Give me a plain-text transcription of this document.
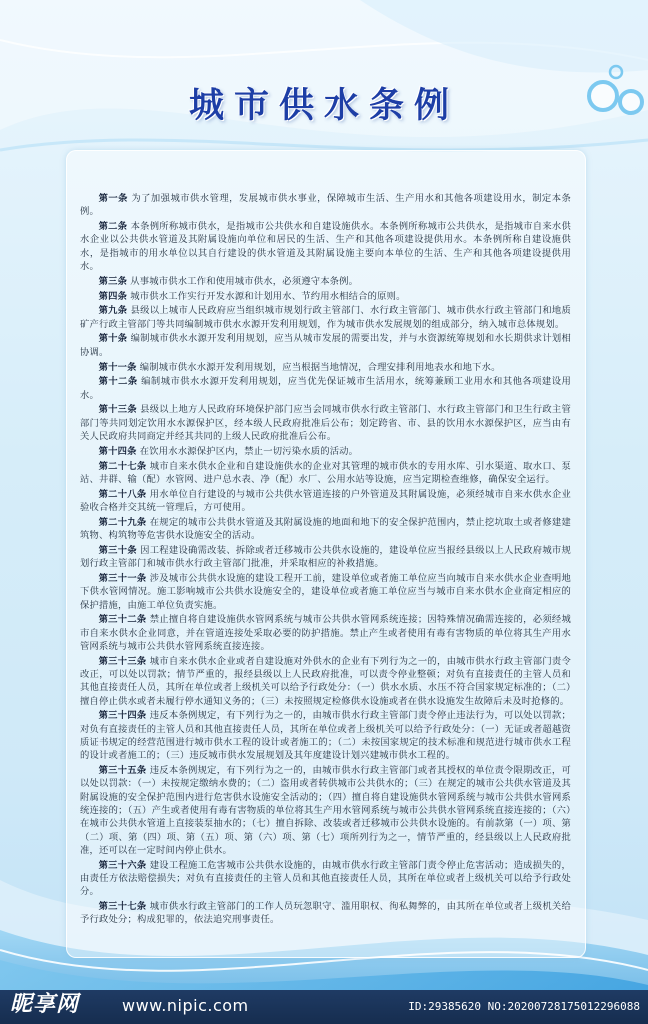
城市供水条例

第一条 为了加强城市供水管理，发展城市供水事业，保障城市生活、生产用水和其他各项建设用水，制定本条例。

第二条 本条例所称城市供水，是指城市公共供水和自建设施供水。本条例所称城市公共供水，是指城市自来水供水企业以公共供水管道及其附属设施向单位和居民的生活、生产和其他各项建设提供用水。本条例所称自建设施供水，是指城市的用水单位以其自行建设的供水管道及其附属设施主要向本单位的生活、生产和其他各项建设提供用水。

第三条 从事城市供水工作和使用城市供水，必须遵守本条例。

第四条 城市供水工作实行开发水源和计划用水、节约用水相结合的原则。

第九条 县级以上城市人民政府应当组织城市规划行政主管部门、水行政主管部门、城市供水行政主管部门和地质矿产行政主管部门等共同编制城市供水水源开发利用规划，作为城市供水发展规划的组成部分，纳入城市总体规划。

第十条 编制城市供水水源开发利用规划，应当从城市发展的需要出发，并与水资源统筹规划和水长期供求计划相协调。

第十一条 编制城市供水水源开发利用规划，应当根据当地情况，合理安排利用地表水和地下水。

第十二条 编制城市供水水源开发利用规划，应当优先保证城市生活用水，统筹兼顾工业用水和其他各项建设用水。

第十三条 县级以上地方人民政府环境保护部门应当会同城市供水行政主管部门、水行政主管部门和卫生行政主管部门等共同划定饮用水水源保护区，经本级人民政府批准后公布；划定跨省、市、县的饮用水水源保护区，应当由有关人民政府共同商定并经其共同的上级人民政府批准后公布。

第十四条 在饮用水水源保护区内，禁止一切污染水质的活动。

第二十七条 城市自来水供水企业和自建设施供水的企业对其管理的城市供水的专用水库、引水渠道、取水口、泵站、井群、输（配）水管网、进户总水表、净（配）水厂、公用水站等设施，应当定期检查维修，确保安全运行。

第二十八条 用水单位自行建设的与城市公共供水管道连接的户外管道及其附属设施，必须经城市自来水供水企业验收合格并交其统一管理后，方可使用。

第二十九条 在规定的城市公共供水管道及其附属设施的地面和地下的安全保护范围内，禁止挖坑取土或者修建建筑物、构筑物等危害供水设施安全的活动。

第三十条 因工程建设确需改装、拆除或者迁移城市公共供水设施的，建设单位应当报经县级以上人民政府城市规划行政主管部门和城市供水行政主管部门批准，并采取相应的补救措施。

第三十一条 涉及城市公共供水设施的建设工程开工前，建设单位或者施工单位应当向城市自来水供水企业查明地下供水管网情况。施工影响城市公共供水设施安全的，建设单位或者施工单位应当与城市自来水供水企业商定相应的保护措施，由施工单位负责实施。

第三十二条 禁止擅自将自建设施供水管网系统与城市公共供水管网系统连接；因特殊情况确需连接的，必须经城市自来水供水企业同意，并在管道连接处采取必要的防护措施。禁止产生或者使用有毒有害物质的单位将其生产用水管网系统与城市公共供水管网系统直接连接。

第三十三条 城市自来水供水企业或者自建设施对外供水的企业有下列行为之一的，由城市供水行政主管部门责令改正，可以处以罚款；情节严重的，报经县级以上人民政府批准，可以责令停业整顿；对负有直接责任的主管人员和其他直接责任人员，其所在单位或者上级机关可以给予行政处分：（一）供水水质、水压不符合国家规定标准的；（二）擅自停止供水或者未履行停水通知义务的；（三）未按照规定检修供水设施或者在供水设施发生故障后未及时抢修的。

第三十四条 违反本条例规定，有下列行为之一的，由城市供水行政主管部门责令停止违法行为，可以处以罚款；对负有直接责任的主管人员和其他直接责任人员，其所在单位或者上级机关可以给予行政处分：（一）无证或者超越资质证书规定的经营范围进行城市供水工程的设计或者施工的；（二）未按国家规定的技术标准和规范进行城市供水工程的设计或者施工的；（三）违反城市供水发展规划及其年度建设计划兴建城市供水工程的。

第三十五条 违反本条例规定，有下列行为之一的，由城市供水行政主管部门或者其授权的单位责令限期改正，可以处以罚款：（一）未按规定缴纳水费的；（二）盗用或者转供城市公共供水的；（三）在规定的城市公共供水管道及其附属设施的安全保护范围内进行危害供水设施安全活动的；（四）擅自将自建设施供水管网系统与城市公共供水管网系统连接的；（五）产生或者使用有毒有害物质的单位将其生产用水管网系统与城市公共供水管网系统直接连接的；（六）在城市公共供水管道上直接装泵抽水的；（七）擅自拆除、改装或者迁移城市公共供水设施的。有前款第（一）项、第（二）项、第（四）项、第（五）项、第（六）项、第（七）项所列行为之一，情节严重的，经县级以上人民政府批准，还可以在一定时间内停止供水。

第三十六条 建设工程施工危害城市公共供水设施的，由城市供水行政主管部门责令停止危害活动；造成损失的，由责任方依法赔偿损失；对负有直接责任的主管人员和其他直接责任人员，其所在单位或者上级机关可以给予行政处分。

第三十七条 城市供水行政主管部门的工作人员玩忽职守、滥用职权、徇私舞弊的，由其所在单位或者上级机关给予行政处分；构成犯罪的，依法追究刑事责任。

昵享网	www.nipic.com	ID:29385620 NO:20200728175012296088
